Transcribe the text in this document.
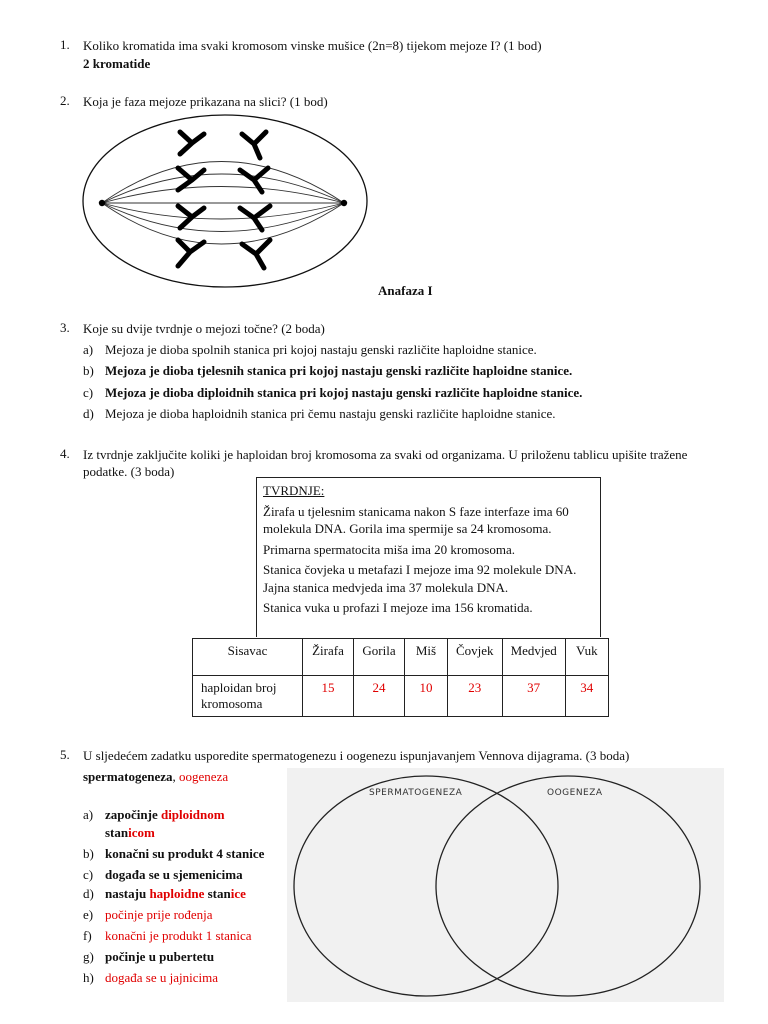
1. Koliko kromatida ima svaki kromosom vinske mušice (2n=8) tijekom mejoze I? (1 bod)
2 kromatide
2. Koja je faza mejoze prikazana na slici? (1 bod)
Anafaza I
3. Koje su dvije tvrdnje o mejozi točne? (2 boda)
a) Mejoza je dioba spolnih stanica pri kojoj nastaju genski različite haploidne stanice.
b) Mejoza je dioba tjelesnih stanica pri kojoj nastaju genski različite haploidne stanice.
c) Mejoza je dioba diploidnih stanica pri kojoj nastaju genski različite haploidne stanice.
d) Mejoza je dioba haploidnih stanica pri čemu nastaju genski različite haploidne stanice.
4. Iz tvrdnje zaključite koliki je haploidan broj kromosoma za svaki od organizama. U priloženu tablicu upišite tražene
podatke. (3 boda)

TVRDNJE:

Žirafa u tjelesnim stanicama nakon S faze interfaze ima 60 molekula DNA. Gorila ima spermije sa 24 kromosoma.

Primarna spermatocita miša ima 20 kromosoma.

Stanica čovjeka u metafazi I mejoze ima 92 molekule DNA. Jajna stanica medvjeda ima 37 molekula DNA.

Stanica vuka u profazi I mejoze ima 156 kromatida.

Sisavac	Žirafa	Gorila	Miš	Čovjek	Medvjed	Vuk
haploidan broj kromosoma	15	24	10	23	37	34
5. U sljedećem zadatku usporedite spermatogenezu i oogenezu ispunjavanjem Vennova dijagrama. (3 boda)
spermatogeneza, oogeneza
SPERMATOGENEZA	OOGENEZA
a) započinje diploidnom
stanicom
b) konačni su produkt 4 stanice
c) događa se u sjemenicima
d) nastaju haploidne stanice
e) počinje prije rođenja
f) konačni je produkt 1 stanica
g) počinje u pubertetu
h) događa se u jajnicima
